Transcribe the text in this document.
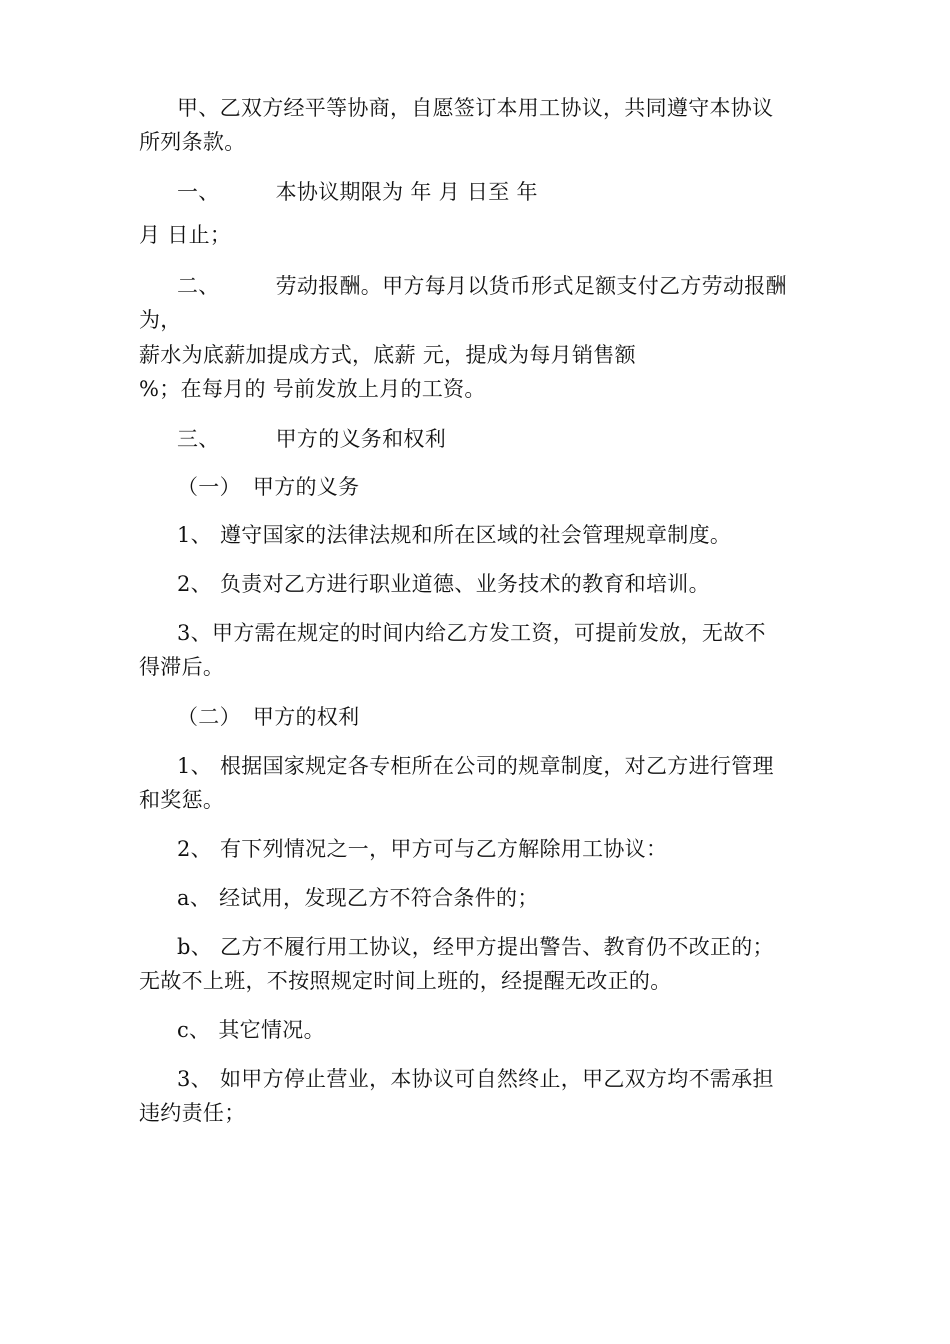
甲、乙双方经平等协商，自愿签订本用工协议，共同遵守本协议
所列条款。
一、	本协议期限为 年 月 日至 年
月 日止；
二、	劳动报酬。甲方每月以货币形式足额支付乙方劳动报酬
为，
薪水为底薪加提成方式，底薪 元，提成为每月销售额
%；在每月的 号前发放上月的工资。
三、	甲方的义务和权利
（一） 甲方的义务
1、 遵守国家的法律法规和所在区域的社会管理规章制度。
2、 负责对乙方进行职业道德、业务技术的教育和培训。
3、甲方需在规定的时间内给乙方发工资，可提前发放，无故不
得滞后。
（二） 甲方的权利
1、 根据国家规定各专柜所在公司的规章制度，对乙方进行管理
和奖惩。
2、 有下列情况之一，甲方可与乙方解除用工协议：
a、 经试用，发现乙方不符合条件的；
b、 乙方不履行用工协议，经甲方提出警告、教育仍不改正的；
无故不上班，不按照规定时间上班的，经提醒无改正的。
c、 其它情况。
3、 如甲方停止营业，本协议可自然终止，甲乙双方均不需承担
违约责任；
